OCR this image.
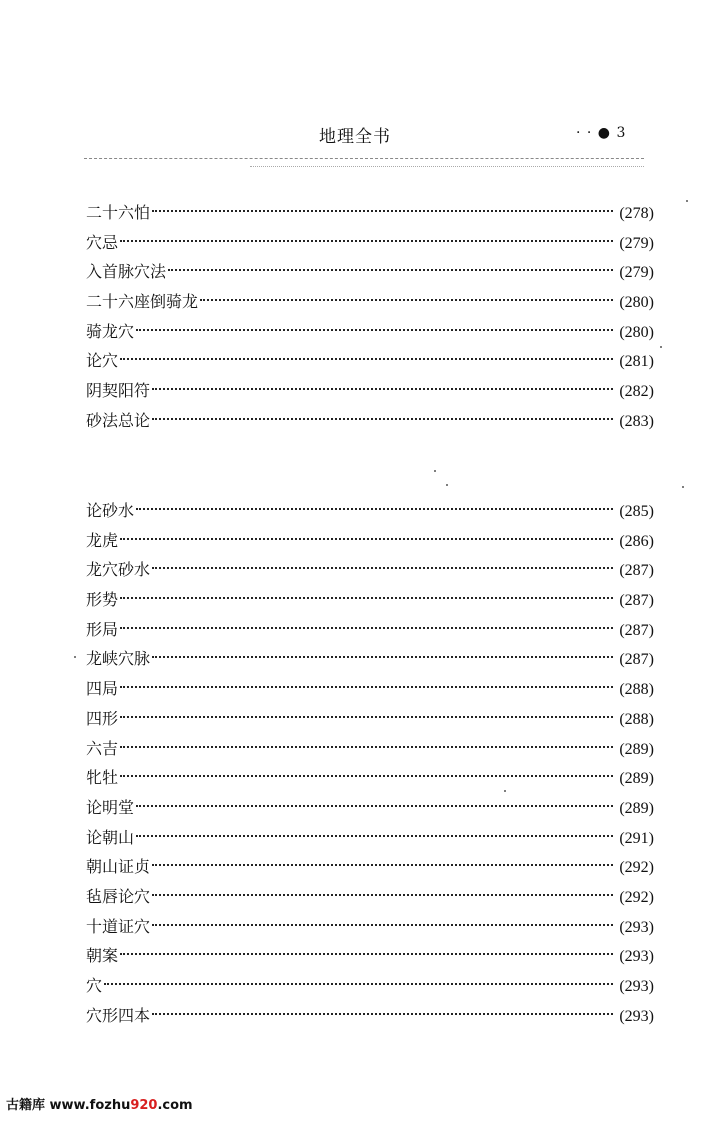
地理全书	· · ● 3
二十六怕	(278)
穴忌	(279)
入首脉穴法	(279)
二十六座倒骑龙	(280)
骑龙穴	(280)
论穴	(281)
阴契阳符	(282)
砂法总论	(283)
论砂水	(285)
龙虎	(286)
龙穴砂水	(287)
形势	(287)
形局	(287)
龙峡穴脉	(287)
四局	(288)
四形	(288)
六吉	(289)
牝牡	(289)
论明堂	(289)
论朝山	(291)
朝山证贞	(292)
毡唇论穴	(292)
十道证穴	(293)
朝案	(293)
穴	(293)
穴形四本	(293)
古籍库 www.fozhu920.com
